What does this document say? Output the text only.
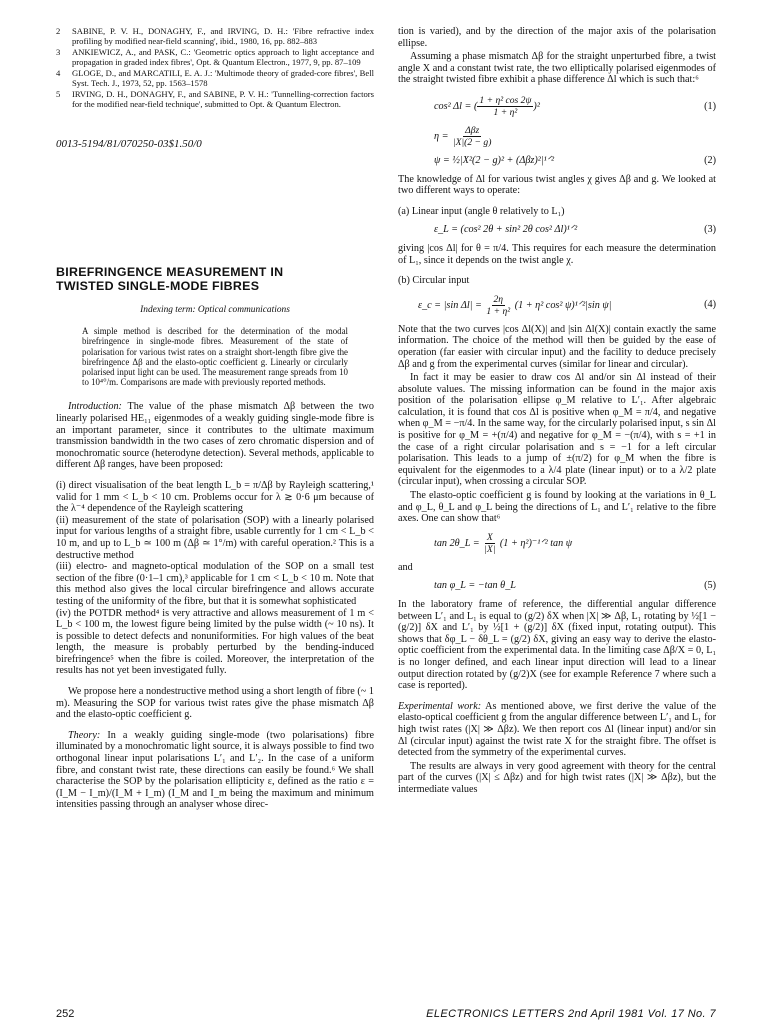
2	SABINE, P. V. H., DONAGHY, F., and IRVING, D. H.: 'Fibre refractive index profiling by modified near-field scanning', ibid., 1980, 16, pp. 882–883
3	ANKIEWICZ, A., and PASK, C.: 'Geometric optics approach to light acceptance and propagation in graded index fibres', Opt. & Quantum Electron., 1977, 9, pp. 87–109
4	GLOGE, D., and MARCATILI, E. A. J.: 'Multimode theory of graded-core fibres', Bell Syst. Tech. J., 1973, 52, pp. 1563–1578
5	IRVING, D. H., DONAGHY, F., and SABINE, P. V. H.: 'Tunnelling-correction factors for the modified near-field technique', submitted to Opt. & Quantum Electron.
0013-5194/81/070250-03$1.50/0
BIREFRINGENCE MEASUREMENT IN
TWISTED SINGLE-MODE FIBRES
Indexing term: Optical communications

A simple method is described for the determination of the modal birefringence in single-mode fibres. Measurement of the state of polarisation for various twist rates on a straight short-length fibre give the birefringence Δβ and the elasto-optic coefficient g. Linearly or circularly polarised input light can be used. The measurement range spreads from 10 to 10⁴°/m. Comparisons are made with previously reported methods.

Introduction: The value of the phase mismatch Δβ between the two linearly polarised HE₁₁ eigenmodes of a weakly guiding single-mode fibre is an important parameter, since it contributes to the ultimate maximum transmission bandwidth in the two cases of zero chromatic dispersion and of monochromatic source (heterodyne detection). Several methods, applicable to different Δβ ranges, have been proposed:

(i) direct visualisation of the beat length L_b = π/Δβ by Rayleigh scattering,¹ valid for 1 mm < L_b < 10 cm. Problems occur for λ ≳ 0·6 μm because of the λ⁻⁴ dependence of the Rayleigh scattering
(ii) measurement of the state of polarisation (SOP) with a linearly polarised input for various lengths of a straight fibre, usable currently for 1 cm < L_b < 10 m, and up to L_b ≃ 100 m (Δβ ≃ 1°/m) with careful operation.² This is a destructive method
(iii) electro- and magneto-optical modulation of the SOP on a small test section of the fibre (0·1–1 cm),³ applicable for 1 cm < L_b < 10 m. Note that this method also gives the local circular birefringence and allows accurate testing of the uniformity of the fibre, but that it is somewhat sophisticated
(iv) the POTDR method⁴ is very attractive and allows measurement of 1 m < L_b < 100 m, the lowest figure being limited by the pulse width (~ 10 ns). It is possible to detect defects and nonuniformities. For high values of the beat length, the measure is probably perturbed by the bending-induced birefringence⁵ when the fibre is coiled. Moreover, the interpretation of the results has not yet been investigated fully.

We propose here a nondestructive method using a short length of fibre (~ 1 m). Measuring the SOP for various twist rates give the phase mismatch Δβ and the elasto-optic coefficient g.

Theory: In a weakly guiding single-mode (two polarisations) fibre illuminated by a monochromatic light source, it is always possible to find two orthogonal linear input polarisations L′₁ and L′₂. In the case of a uniform fibre, and constant twist rate, these directions can easily be found.⁶ We shall characterise the SOP by the polarisation ellipticity ε, defined as the ratio ε = (I_M − I_m)/(I_M + I_m) (I_M and I_m being the maximum and minimum intensities passing through an analyser whose direc-

tion is varied), and by the direction of the major axis of the polarisation ellipse.

Assuming a phase mismatch Δβ for the straight unperturbed fibre, a twist angle X and a constant twist rate, the two elliptically polarised eigenmodes of the straight twisted fibre exhibit a phase difference Δl which is such that:⁶

cos² Δl = ( $\frac{\text{1 + η² cos 2ψ}}{\text{1 + η²}} )^2$	(1)
$\eta = \frac{\text{Δβz}}{|X|(2 - g)}$
ψ = ½|X²(2 − g)² + (Δβz)²|¹ᐟ²	(2)

The knowledge of Δl for various twist angles χ gives Δβ and g. We looked at two different ways to operate:

(a) Linear input (angle θ relatively to L₁)

ε_L = (cos² 2θ + sin² 2θ cos² Δl)¹ᐟ²	(3)

giving |cos Δl| for θ = π/4. This requires for each measure the determination of L₁, since it depends on the twist angle χ.

(b) Circular input

ε_c = |sin $\Delta l| = \frac{2\eta}{\text{1 + η²}} (1 + \eta^2$ cos² ψ)¹ᐟ²|sin ψ|	(4)

Note that the two curves |cos Δl(X)| and |sin Δl(X)| contain exactly the same information. The choice of the method will then be guided by the ease of operation (far easier with circular input) and the facility to deduce precisely Δβ and g from the experimental curves (similar for linear and circular).

In fact it may be easier to draw cos Δl and/or sin Δl instead of their absolute values. The missing information can be found in the major axis position of the polarisation ellipse φ_M relative to L′₁. After algebraic calculation, it is found that cos Δl is positive when φ_M = π/4, and negative when φ_M = −π/4. In the same way, for the circularly polarised input, s sin Δl is positive for φ_M = +(π/4) and negative for φ_M = −(π/4), with s = +1 in the case of a right circular polarisation and s = −1 for a left circular polarisation. This leads to a jump of ±(π/2) for φ_M when the fibre is equivalent for the eigenmodes to a λ/4 plate (linear input) or to a λ/2 plate (circular input), when crossing a circular SOP.

The elasto-optic coefficient g is found by looking at the variations in θ_L and φ_L, θ_L and φ_L being the directions of L₁ and L′₁ relative to the fibre axes. One can show that⁶

tan 2θ_L = $\frac{X}{|X|} (1$ + η²)⁻¹ᐟ² tan ψ
and
tan φ_L = −tan θ_L	(5)

In the laboratory frame of reference, the differential angular difference between L′₁ and L₁ is equal to (g/2) δX when |X| ≫ Δβ, L₁ rotating by ½[1 − (g/2)] δX and L′₁ by ½[1 + (g/2)] δX (fixed input, rotating output). This shows that δφ_L − δθ_L = (g/2) δX, giving an easy way to derive the elasto-optic coefficient from the experimental data. In the limiting case Δβ/X = 0, L₁ is no longer defined, and each linear input direction will lead to a linear output direction rotated by (g/2)X (see for example Reference 7 where such a case is reported).

Experimental work: As mentioned above, we first derive the value of the elasto-optical coefficient g from the angular difference between L′₁ and L₁ for high twist rates (|X| ≫ Δβz). We then report cos Δl (linear input) and/or sin Δl (circular input) against the twist rate X for the straight fibre. The offset is detected from the symmetry of the experimental curves.

The results are always in very good agreement with theory for the central part of the curves (|X| ≤ Δβz) and for high twist rates (|X| ≫ Δβz), but the intermediate values

252	ELECTRONICS LETTERS 2nd April 1981 Vol. 17 No. 7
